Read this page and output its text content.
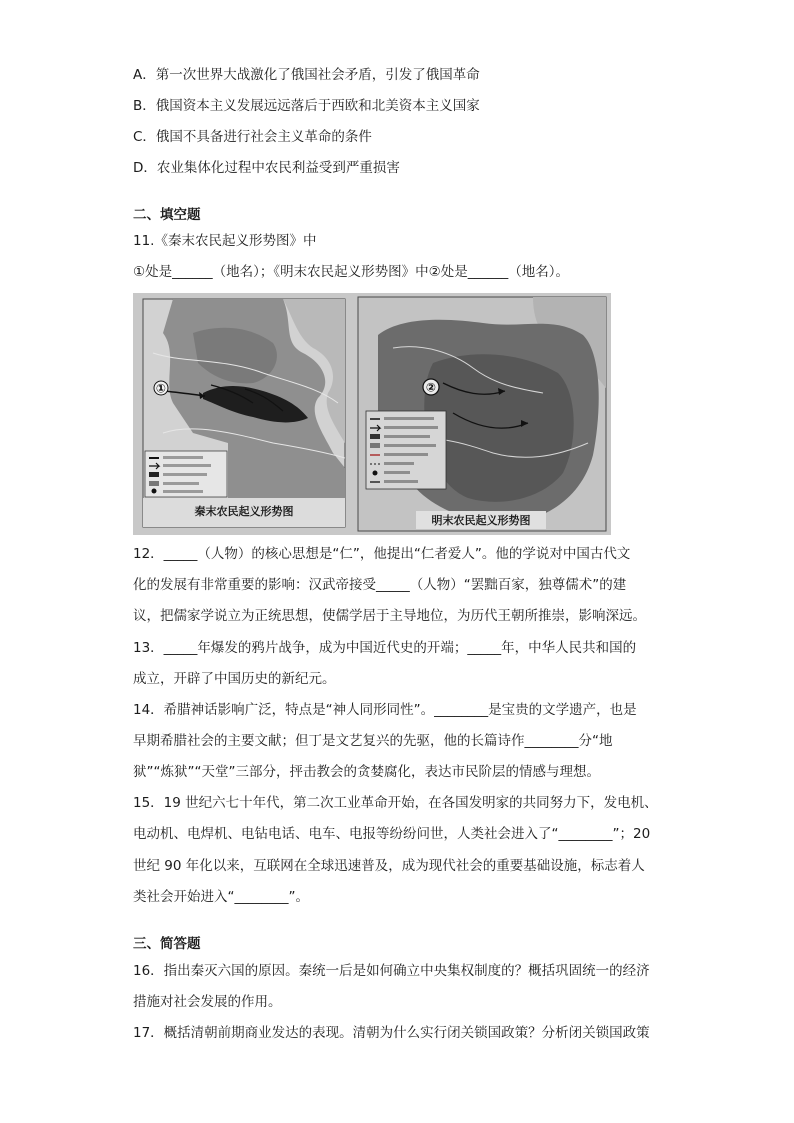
A．第一次世界大战激化了俄国社会矛盾，引发了俄国革命
B．俄国资本主义发展远远落后于西欧和北美资本主义国家
C．俄国不具备进行社会主义革命的条件
D．农业集体化过程中农民利益受到严重损害
二、填空题
11.《秦末农民起义形势图》中
①处是______（地名）；《明末农民起义形势图》中②处是______（地名）。
①
秦末农民起义形势图
②
明末农民起义形势图
12．_____（人物）的核心思想是“仁”，他提出“仁者爱人”。他的学说对中国古代文
化的发展有非常重要的影响：汉武帝接受_____（人物）“罢黜百家，独尊儒术”的建
议，把儒家学说立为正统思想，使儒学居于主导地位，为历代王朝所推崇，影响深远。
13．_____年爆发的鸦片战争，成为中国近代史的开端；_____年，中华人民共和国的
成立，开辟了中国历史的新纪元。
14．希腊神话影响广泛，特点是“神人同形同性”。________是宝贵的文学遗产，也是
早期希腊社会的主要文献；但丁是文艺复兴的先驱，他的长篇诗作________分“地
狱”“炼狱”“天堂”三部分，抨击教会的贪婪腐化，表达市民阶层的情感与理想。
15．19 世纪六七十年代，第二次工业革命开始，在各国发明家的共同努力下，发电机、
电动机、电焊机、电钻电话、电车、电报等纷纷问世，人类社会进入了“________”；20
世纪 90 年化以来，互联网在全球迅速普及，成为现代社会的重要基础设施，标志着人
类社会开始进入“________”。
三、简答题
16．指出秦灭六国的原因。秦统一后是如何确立中央集权制度的？概括巩固统一的经济
措施对社会发展的作用。
17．概括清朝前期商业发达的表现。清朝为什么实行闭关锁国政策？分析闭关锁国政策
